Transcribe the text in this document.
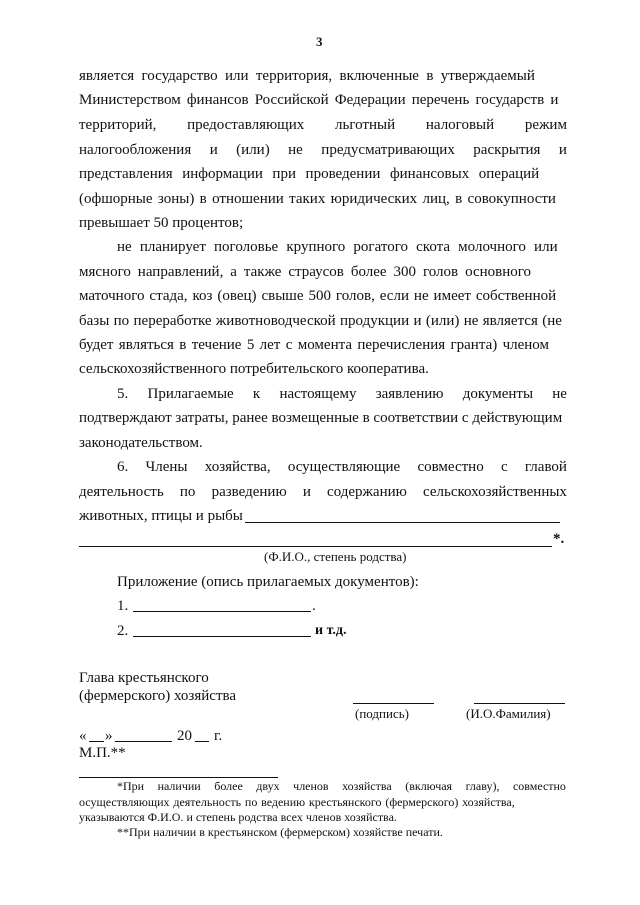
3
является государство или территория, включенные в утверждаемый
Министерством финансов Российской Федерации перечень государств и
территорий, предоставляющих льготный налоговый режим
налогообложения и (или) не предусматривающих раскрытия и
представления информации при проведении финансовых операций
(офшорные зоны) в отношении таких юридических лиц, в совокупности
превышает 50 процентов;
не планирует поголовье крупного рогатого скота молочного или
мясного направлений, а также страусов более 300 голов основного
маточного стада, коз (овец) свыше 500 голов, если не имеет собственной
базы по переработке животноводческой продукции и (или) не является (не
будет являться в течение 5 лет с момента перечисления гранта) членом
сельскохозяйственного потребительского кооператива.
5. Прилагаемые к настоящему заявлению документы не
подтверждают затраты, ранее возмещенные в соответствии с действующим
законодательством.
6. Члены хозяйства, осуществляющие совместно с главой
деятельность по разведению и содержанию сельскохозяйственных
животных, птицы и рыбы
*.
(Ф.И.О., степень родства)
Приложение (опись прилагаемых документов):
1.	.
2.	и т.д.
Глава крестьянского
(фермерского) хозяйства
(подпись)	(И.О.Фамилия)
« »	20 г.
М.П.**
*При наличии более двух членов хозяйства (включая главу), совместно
осуществляющих деятельность по ведению крестьянского (фермерского) хозяйства,
указываются Ф.И.О. и степень родства всех членов хозяйства.
**При наличии в крестьянском (фермерском) хозяйстве печати.
